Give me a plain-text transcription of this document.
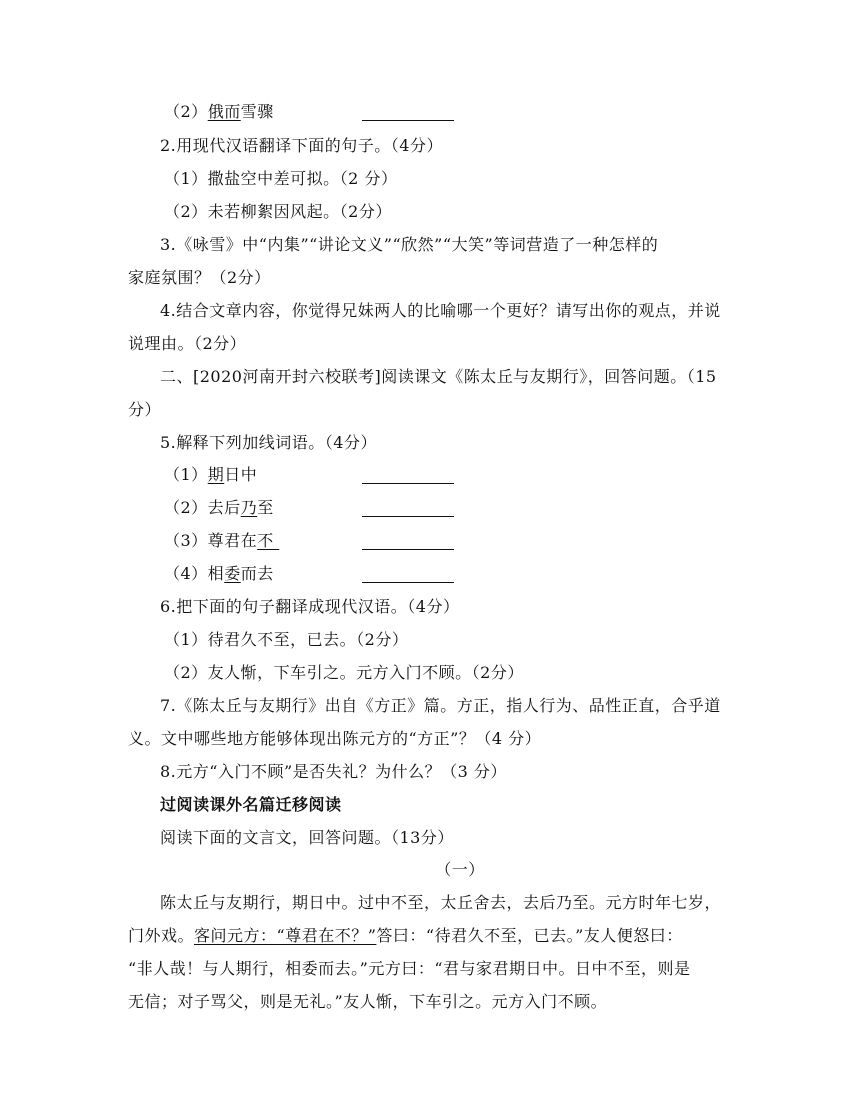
（2）俄而雪骤
2.用现代汉语翻译下面的句子。（4分）
（1）撒盐空中差可拟。（2 分）
（2）未若柳絮因风起。（2分）
3.《咏雪》中“内集”“讲论文义”“欣然”“大笑”等词营造了一种怎样的
家庭氛围？（2分）
4.结合文章内容，你觉得兄妹两人的比喻哪一个更好？请写出你的观点，并说
说理由。（2分）
二、[2020河南开封六校联考]阅读课文《陈太丘与友期行》，回答问题。（15
分）
5.解释下列加线词语。（4分）
（1）期日中
（2）去后乃至
（3）尊君在不
（4）相委而去
6.把下面的句子翻译成现代汉语。（4分）
（1）待君久不至，已去。（2分）
（2）友人惭，下车引之。元方入门不顾。（2分）
7.《陈太丘与友期行》出自《方正》篇。方正，指人行为、品性正直，合乎道
义。文中哪些地方能够体现出陈元方的“方正”？（4 分）
8.元方“入门不顾”是否失礼？为什么？（3 分）
过阅读课外名篇迁移阅读
阅读下面的文言文，回答问题。（13分）
（一）
陈太丘与友期行，期日中。过中不至，太丘舍去，去后乃至。元方时年七岁，
门外戏。客问元方：“尊君在不？”答曰：“待君久不至，已去。”友人便怒曰：
“非人哉！与人期行，相委而去。”元方曰：“君与家君期日中。日中不至，则是
无信；对子骂父，则是无礼。”友人惭，下车引之。元方入门不顾。
